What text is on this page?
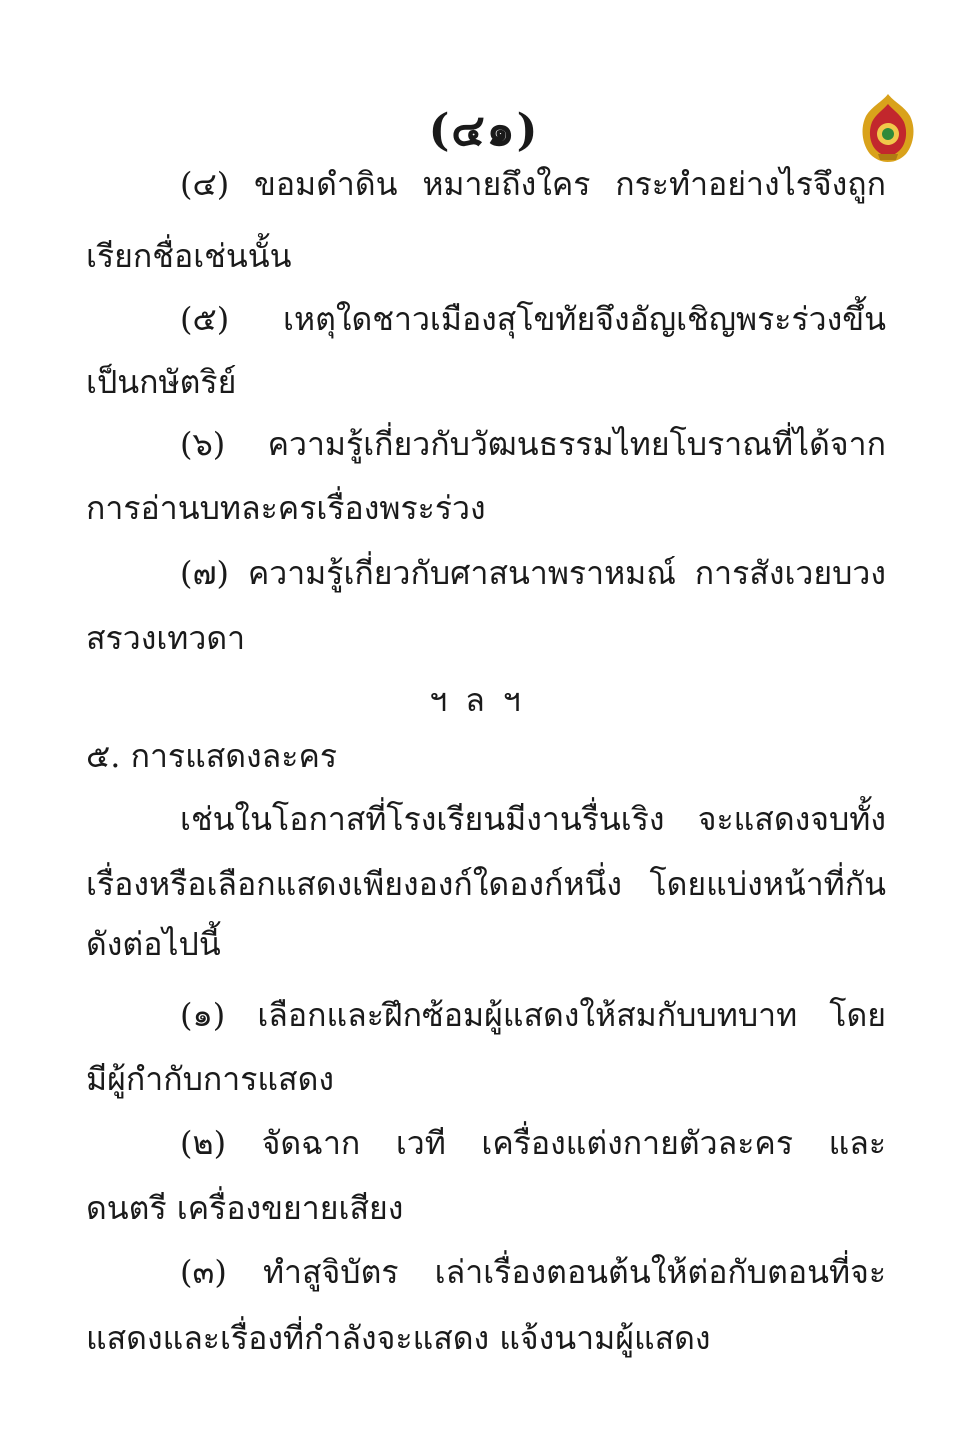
(๔๑)
(๔) ขอมดำดิน หมายถึงใคร กระทำอย่างไรจึงถูก
เรียกชื่อเช่นนั้น
(๕) เหตุใดชาวเมืองสุโขทัยจึงอัญเชิญพระร่วงขึ้น
เป็นกษัตริย์
(๖) ความรู้เกี่ยวกับวัฒนธรรมไทยโบราณที่ได้จาก
การอ่านบทละครเรื่องพระร่วง
(๗) ความรู้เกี่ยวกับศาสนาพราหมณ์ การสังเวยบวง
สรวงเทวดา
ฯลฯ
๕. การแสดงละคร
เช่นในโอกาสที่โรงเรียนมีงานรื่นเริง จะแสดงจบทั้ง
เรื่องหรือเลือกแสดงเพียงองก์ใดองก์หนึ่ง โดยแบ่งหน้าที่กัน
ดังต่อไปนี้
(๑) เลือกและฝึกซ้อมผู้แสดงให้สมกับบทบาท โดย
มีผู้กำกับการแสดง
(๒) จัดฉาก เวที เครื่องแต่งกายตัวละคร และ
ดนตรี เครื่องขยายเสียง
(๓) ทำสูจิบัตร เล่าเรื่องตอนต้นให้ต่อกับตอนที่จะ
แสดงและเรื่องที่กำลังจะแสดง แจ้งนามผู้แสดง
